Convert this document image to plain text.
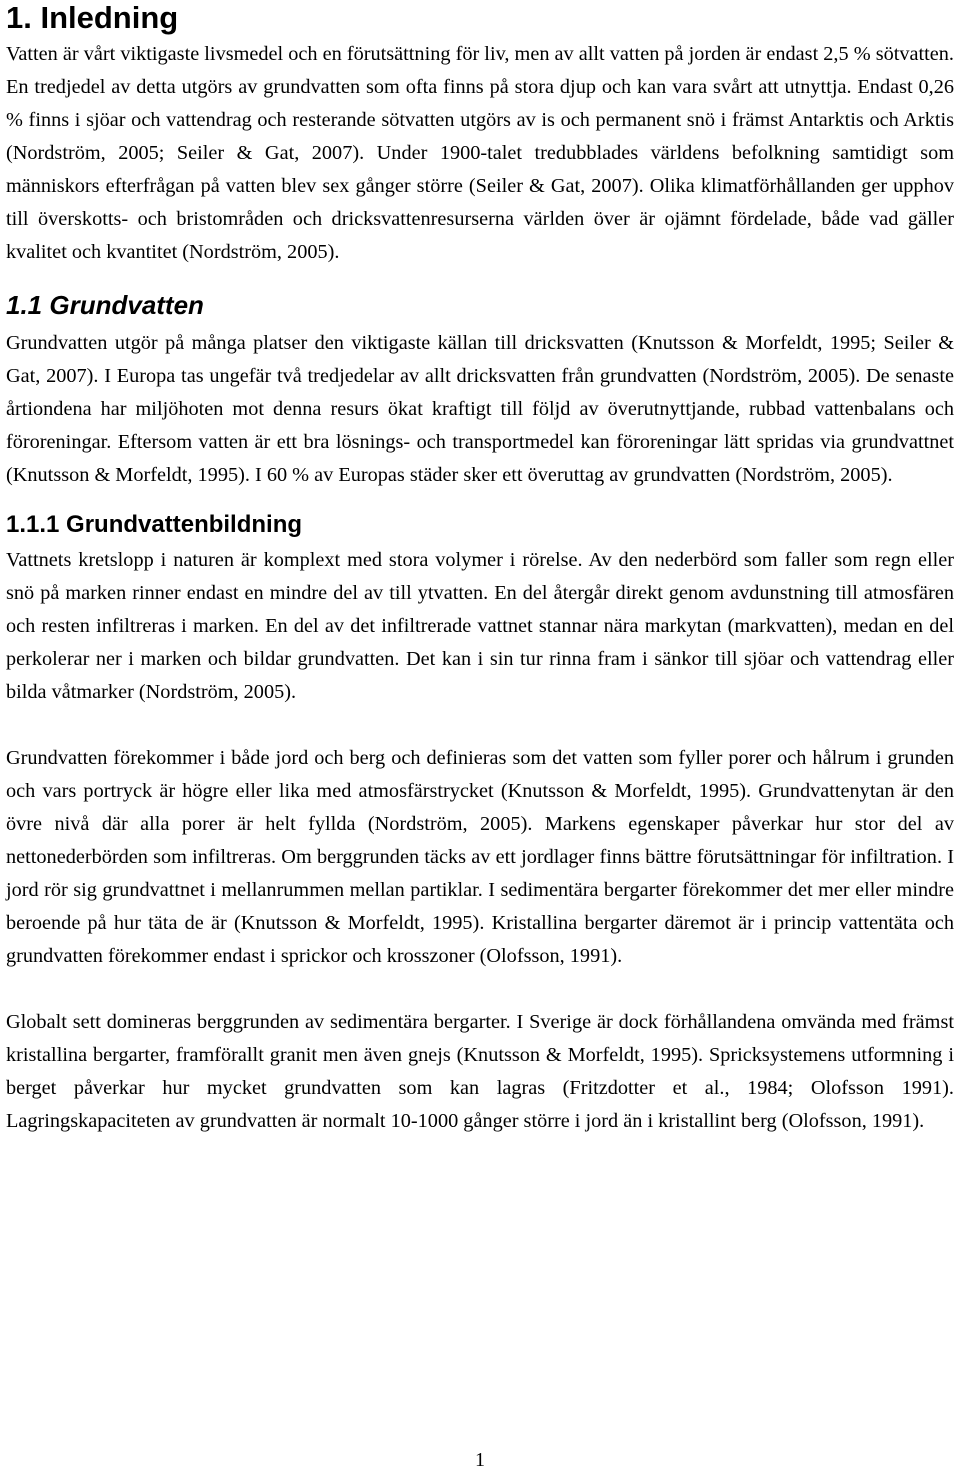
1. Inledning

Vatten är vårt viktigaste livsmedel och en förutsättning för liv, men av allt vatten på jorden är endast 2,5 % sötvatten. En tredjedel av detta utgörs av grundvatten som ofta finns på stora djup och kan vara svårt att utnyttja. Endast 0,26 % finns i sjöar och vattendrag och resterande sötvatten utgörs av is och permanent snö i främst Antarktis och Arktis (Nordström, 2005; Seiler & Gat, 2007). Under 1900-talet tredubblades världens befolkning samtidigt som människors efterfrågan på vatten blev sex gånger större (Seiler & Gat, 2007). Olika klimatförhållanden ger upphov till överskotts- och bristområden och dricksvattenresurserna världen över är ojämnt fördelade, både vad gäller kvalitet och kvantitet (Nordström, 2005).

1.1 Grundvatten

Grundvatten utgör på många platser den viktigaste källan till dricksvatten (Knutsson & Morfeldt, 1995; Seiler & Gat, 2007). I Europa tas ungefär två tredjedelar av allt dricksvatten från grundvatten (Nordström, 2005). De senaste årtiondena har miljöhoten mot denna resurs ökat kraftigt till följd av överutnyttjande, rubbad vattenbalans och föroreningar. Eftersom vatten är ett bra lösnings- och transportmedel kan föroreningar lätt spridas via grundvattnet (Knutsson & Morfeldt, 1995). I 60 % av Europas städer sker ett överuttag av grundvatten (Nordström, 2005).

1.1.1 Grundvattenbildning

Vattnets kretslopp i naturen är komplext med stora volymer i rörelse. Av den nederbörd som faller som regn eller snö på marken rinner endast en mindre del av till ytvatten. En del återgår direkt genom avdunstning till atmosfären och resten infiltreras i marken. En del av det infiltrerade vattnet stannar nära markytan (markvatten), medan en del perkolerar ner i marken och bildar grundvatten. Det kan i sin tur rinna fram i sänkor till sjöar och vattendrag eller bilda våtmarker (Nordström, 2005).

Grundvatten förekommer i både jord och berg och definieras som det vatten som fyller porer och hålrum i grunden och vars portryck är högre eller lika med atmosfärstrycket (Knutsson & Morfeldt, 1995). Grundvattenytan är den övre nivå där alla porer är helt fyllda (Nordström, 2005). Markens egenskaper påverkar hur stor del av nettonederbörden som infiltreras. Om berggrunden täcks av ett jordlager finns bättre förutsättningar för infiltration. I jord rör sig grundvattnet i mellanrummen mellan partiklar. I sedimentära bergarter förekommer det mer eller mindre beroende på hur täta de är (Knutsson & Morfeldt, 1995). Kristallina bergarter däremot är i princip vattentäta och grundvatten förekommer endast i sprickor och krosszoner (Olofsson, 1991).

Globalt sett domineras berggrunden av sedimentära bergarter. I Sverige är dock förhållandena omvända med främst kristallina bergarter, framförallt granit men även gnejs (Knutsson & Morfeldt, 1995). Spricksystemens utformning i berget påverkar hur mycket grundvatten som kan lagras (Fritzdotter et al., 1984; Olofsson 1991). Lagringskapaciteten av grundvatten är normalt 10-1000 gånger större i jord än i kristallint berg (Olofsson, 1991).

1
